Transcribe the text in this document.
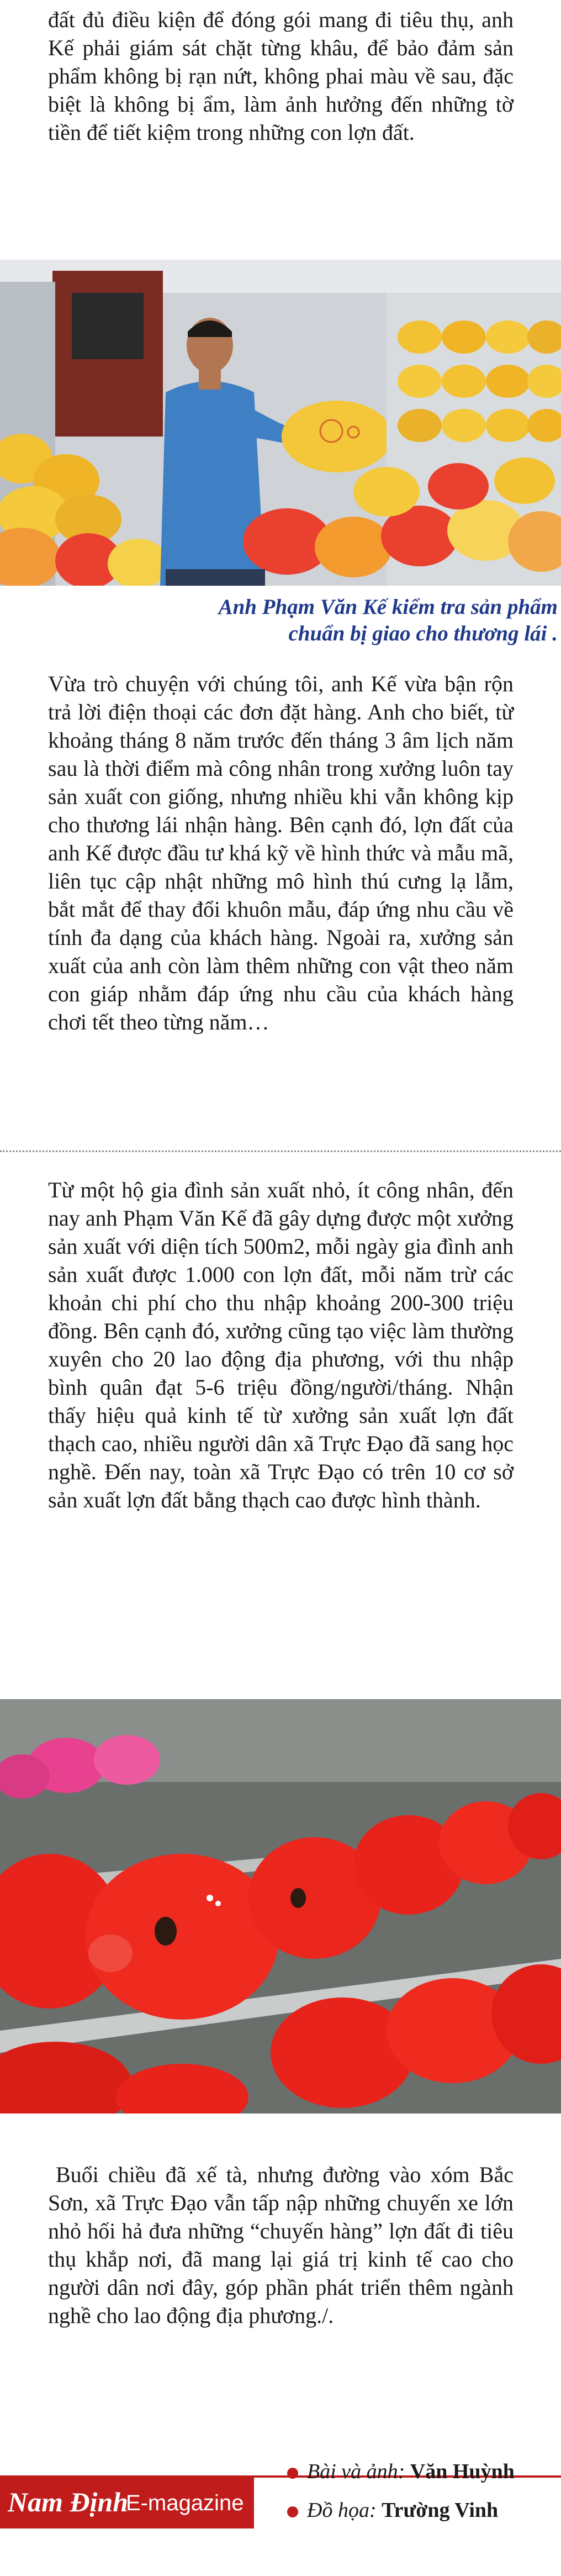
đất đủ điều kiện để đóng gói mang đi tiêu thụ, anh Kế phải giám sát chặt từng khâu, để bảo đảm sản phẩm không bị rạn nứt, không phai màu về sau, đặc biệt là không bị ẩm, làm ảnh hưởng đến những tờ tiền để tiết kiệm trong những con lợn đất.

Anh Phạm Văn Kế kiểm tra sản phẩm

chuẩn bị giao cho thương lái .

Vừa trò chuyện với chúng tôi, anh Kế vừa bận rộn trả lời điện thoại các đơn đặt hàng. Anh cho biết, từ khoảng tháng 8 năm trước đến tháng 3 âm lịch năm sau là thời điểm mà công nhân trong xưởng luôn tay sản xuất con giống, nhưng nhiều khi vẫn không kịp cho thương lái nhận hàng. Bên cạnh đó, lợn đất của anh Kế được đầu tư khá kỹ về hình thức và mẫu mã, liên tục cập nhật những mô hình thú cưng lạ lẫm, bắt mắt để thay đổi khuôn mẫu, đáp ứng nhu cầu về tính đa dạng của khách hàng. Ngoài ra, xưởng sản xuất của anh còn làm thêm những con vật theo năm con giáp nhằm đáp ứng nhu cầu của khách hàng chơi tết theo từng năm…

Từ một hộ gia đình sản xuất nhỏ, ít công nhân, đến nay anh Phạm Văn Kế đã gây dựng được một xưởng sản xuất với diện tích 500m2, mỗi ngày gia đình anh sản xuất được 1.000 con lợn đất, mỗi năm trừ các khoản chi phí cho thu nhập khoảng 200-300 triệu đồng. Bên cạnh đó, xưởng cũng tạo việc làm thường xuyên cho 20 lao động địa phương, với thu nhập bình quân đạt 5-6 triệu đồng/người/tháng. Nhận thấy hiệu quả kinh tế từ xưởng sản xuất lợn đất thạch cao, nhiều người dân xã Trực Đạo đã sang học nghề. Đến nay, toàn xã Trực Đạo có trên 10 cơ sở sản xuất lợn đất bằng thạch cao được hình thành.

Buổi chiều đã xế tà, nhưng đường vào xóm Bắc Sơn, xã Trực Đạo vẫn tấp nập những chuyến xe lớn nhỏ hối hả đưa những “chuyến hàng” lợn đất đi tiêu thụ khắp nơi, đã mang lại giá trị kinh tế cao cho người dân nơi đây, góp phần phát triển thêm ngành nghề cho lao động địa phương./.

Nam Định
E-magazine
Bài và ảnh: Văn Huỳnh
Đồ họa: Trường Vinh
